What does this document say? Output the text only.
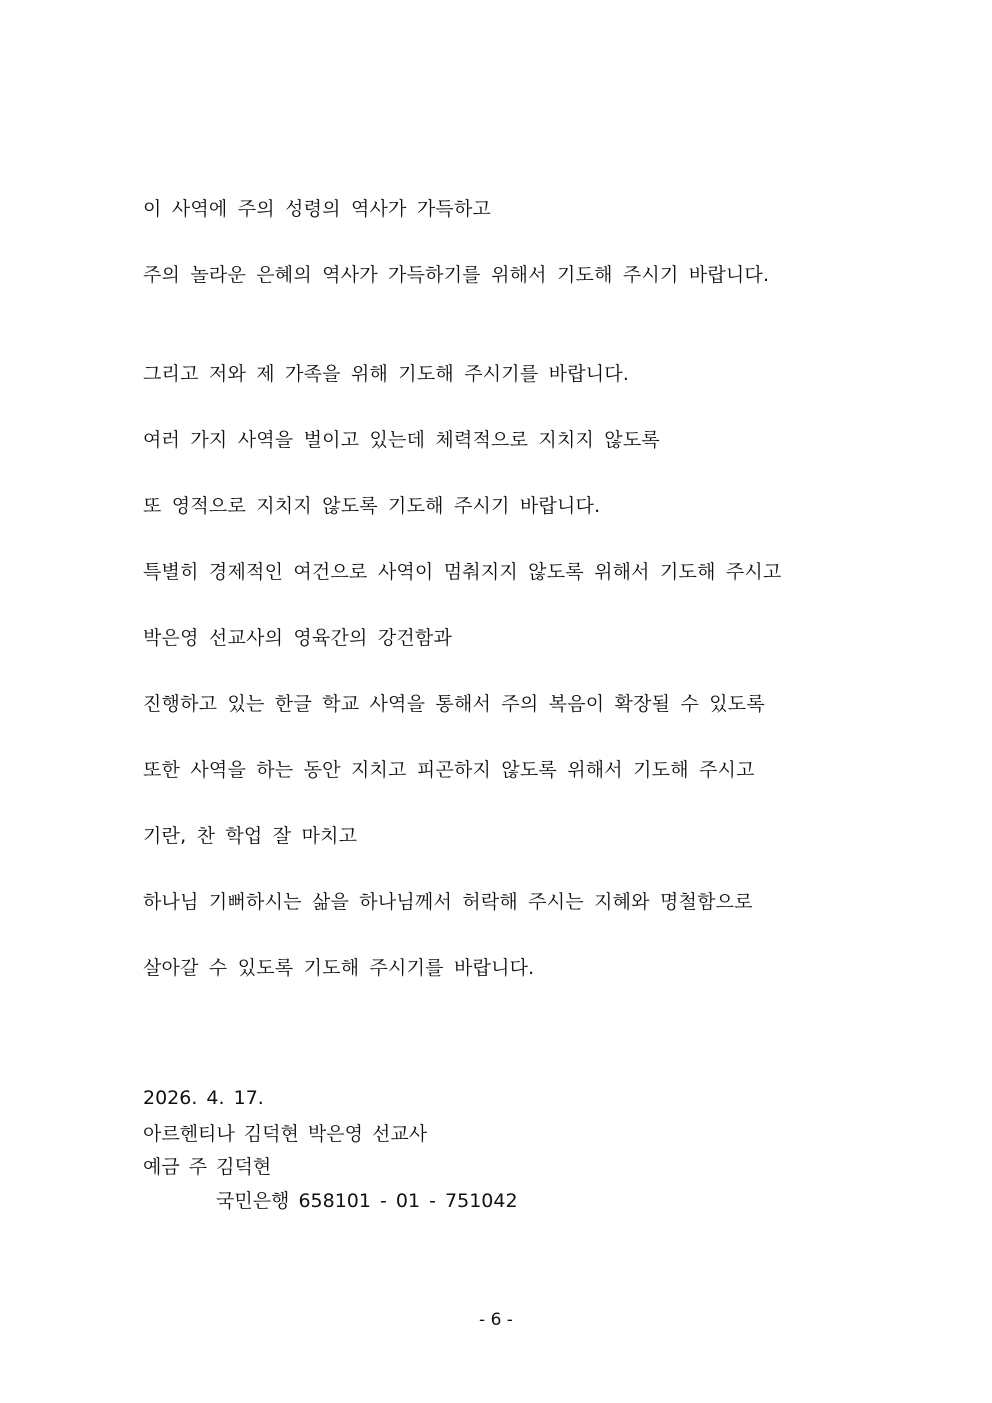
이 사역에 주의 성령의 역사가 가득하고
주의 놀라운 은혜의 역사가 가득하기를 위해서 기도해 주시기 바랍니다.
그리고 저와 제 가족을 위해 기도해 주시기를 바랍니다.
여러 가지 사역을 벌이고 있는데 체력적으로 지치지 않도록
또 영적으로 지치지 않도록 기도해 주시기 바랍니다.
특별히 경제적인 여건으로 사역이 멈춰지지 않도록 위해서 기도해 주시고
박은영 선교사의 영육간의 강건함과
진행하고 있는 한글 학교 사역을 통해서 주의 복음이 확장될 수 있도록
또한 사역을 하는 동안 지치고 피곤하지 않도록 위해서 기도해 주시고
기란, 찬 학업 잘 마치고
하나님 기뻐하시는 삶을 하나님께서 허락해 주시는 지혜와 명철함으로
살아갈 수 있도록 기도해 주시기를 바랍니다.
2026. 4. 17.
아르헨티나 김덕현 박은영 선교사
예금 주 김덕현
국민은행 658101 - 01 - 751042
- 6 -
